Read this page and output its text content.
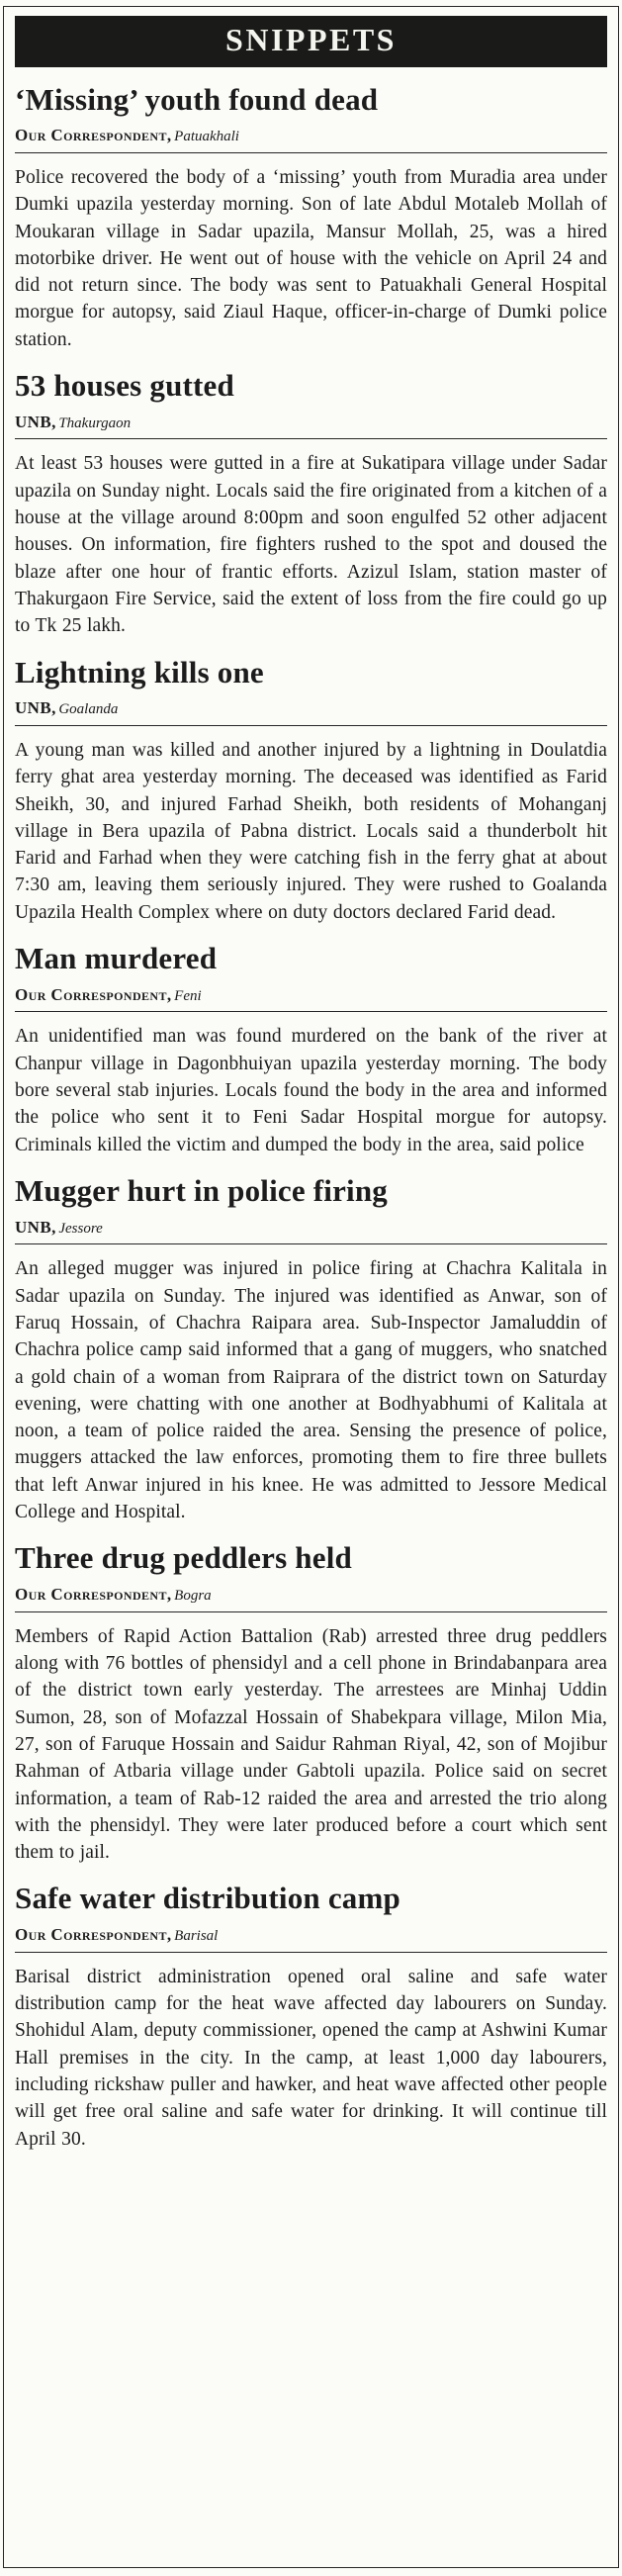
SNIPPETS
‘Missing’ youth found dead
Our Correspondent, Patuakhali

Police recovered the body of a ‘missing’ youth from Muradia area under Dumki upazila yesterday morning. Son of late Abdul Motaleb Mollah of Moukaran village in Sadar upazila, Mansur Mollah, 25, was a hired motorbike driver. He went out of house with the vehicle on April 24 and did not return since. The body was sent to Patuakhali General Hospital morgue for autopsy, said Ziaul Haque, officer-in-charge of Dumki police station.

53 houses gutted
UNB, Thakurgaon

At least 53 houses were gutted in a fire at Sukatipara village under Sadar upazila on Sunday night. Locals said the fire originated from a kitchen of a house at the village around 8:00pm and soon engulfed 52 other adjacent houses. On information, fire fighters rushed to the spot and doused the blaze after one hour of frantic efforts. Azizul Islam, station master of Thakurgaon Fire Service, said the extent of loss from the fire could go up to Tk 25 lakh.

Lightning kills one
UNB, Goalanda

A young man was killed and another injured by a lightning in Doulatdia ferry ghat area yesterday morning. The deceased was identified as Farid Sheikh, 30, and injured Farhad Sheikh, both residents of Mohanganj village in Bera upazila of Pabna district. Locals said a thunderbolt hit Farid and Farhad when they were catching fish in the ferry ghat at about 7:30 am, leaving them seriously injured. They were rushed to Goalanda Upazila Health Complex where on duty doctors declared Farid dead.

Man murdered
Our Correspondent, Feni

An unidentified man was found murdered on the bank of the river at Chanpur village in Dagonbhuiyan upazila yesterday morning. The body bore several stab injuries. Locals found the body in the area and informed the police who sent it to Feni Sadar Hospital morgue for autopsy. Criminals killed the victim and dumped the body in the area, said police

Mugger hurt in police firing
UNB, Jessore

An alleged mugger was injured in police firing at Chachra Kalitala in Sadar upazila on Sunday. The injured was identified as Anwar, son of Faruq Hossain, of Chachra Raipara area. Sub-Inspector Jamaluddin of Chachra police camp said informed that a gang of muggers, who snatched a gold chain of a woman from Raiprara of the district town on Saturday evening, were chatting with one another at Bodhyabhumi of Kalitala at noon, a team of police raided the area. Sensing the presence of police, muggers attacked the law enforces, promoting them to fire three bullets that left Anwar injured in his knee. He was admitted to Jessore Medical College and Hospital.

Three drug peddlers held
Our Correspondent, Bogra

Members of Rapid Action Battalion (Rab) arrested three drug peddlers along with 76 bottles of phensidyl and a cell phone in Brindabanpara area of the district town early yesterday. The arrestees are Minhaj Uddin Sumon, 28, son of Mofazzal Hossain of Shabekpara village, Milon Mia, 27, son of Faruque Hossain and Saidur Rahman Riyal, 42, son of Mojibur Rahman of Atbaria village under Gabtoli upazila. Police said on secret information, a team of Rab-12 raided the area and arrested the trio along with the phensidyl. They were later produced before a court which sent them to jail.

Safe water distribution camp
Our Correspondent, Barisal

Barisal district administration opened oral saline and safe water distribution camp for the heat wave affected day labourers on Sunday. Shohidul Alam, deputy commissioner, opened the camp at Ashwini Kumar Hall premises in the city. In the camp, at least 1,000 day labourers, including rickshaw puller and hawker, and heat wave affected other people will get free oral saline and safe water for drinking. It will continue till April 30.
